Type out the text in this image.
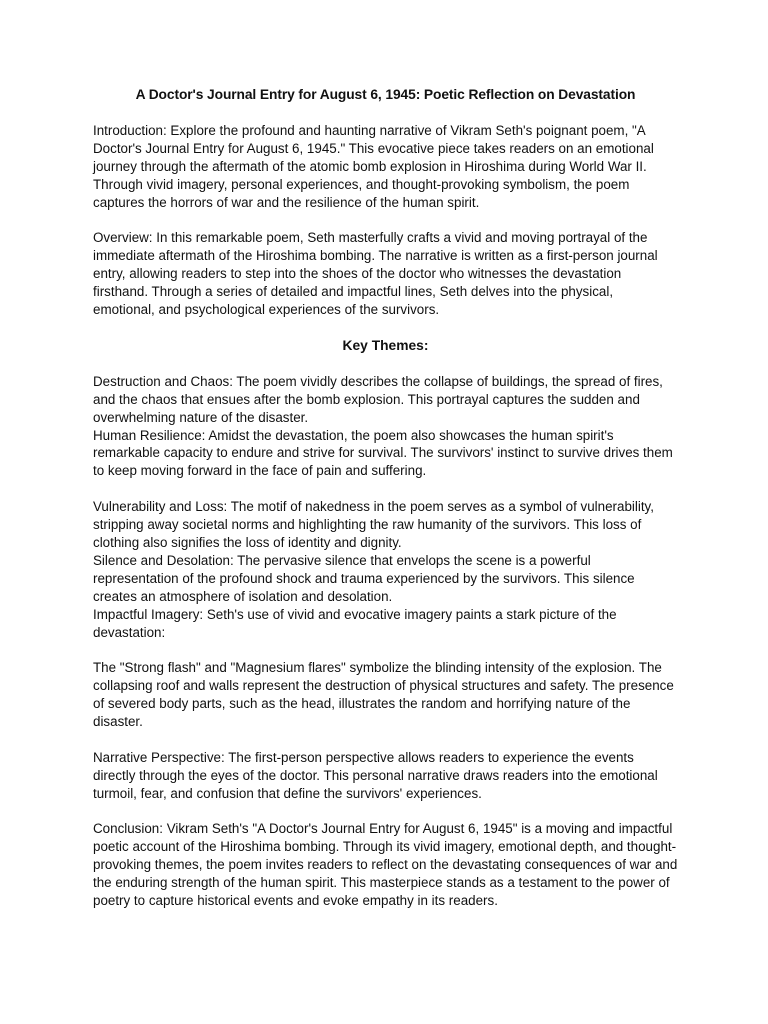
A Doctor's Journal Entry for August 6, 1945: Poetic Reflection on Devastation

Introduction: Explore the profound and haunting narrative of Vikram Seth's poignant poem, "A Doctor's Journal Entry for August 6, 1945." This evocative piece takes readers on an emotional journey through the aftermath of the atomic bomb explosion in Hiroshima during World War II. Through vivid imagery, personal experiences, and thought-provoking symbolism, the poem captures the horrors of war and the resilience of the human spirit.

Overview: In this remarkable poem, Seth masterfully crafts a vivid and moving portrayal of the immediate aftermath of the Hiroshima bombing. The narrative is written as a first-person journal entry, allowing readers to step into the shoes of the doctor who witnesses the devastation firsthand. Through a series of detailed and impactful lines, Seth delves into the physical, emotional, and psychological experiences of the survivors.

Key Themes:

Destruction and Chaos: The poem vividly describes the collapse of buildings, the spread of fires, and the chaos that ensues after the bomb explosion. This portrayal captures the sudden and overwhelming nature of the disaster.

Human Resilience: Amidst the devastation, the poem also showcases the human spirit's remarkable capacity to endure and strive for survival. The survivors' instinct to survive drives them to keep moving forward in the face of pain and suffering.

Vulnerability and Loss: The motif of nakedness in the poem serves as a symbol of vulnerability, stripping away societal norms and highlighting the raw humanity of the survivors. This loss of clothing also signifies the loss of identity and dignity.

Silence and Desolation: The pervasive silence that envelops the scene is a powerful representation of the profound shock and trauma experienced by the survivors. This silence creates an atmosphere of isolation and desolation.

Impactful Imagery: Seth's use of vivid and evocative imagery paints a stark picture of the devastation:

The "Strong flash" and "Magnesium flares" symbolize the blinding intensity of the explosion. The collapsing roof and walls represent the destruction of physical structures and safety. The presence of severed body parts, such as the head, illustrates the random and horrifying nature of the disaster.

Narrative Perspective: The first-person perspective allows readers to experience the events directly through the eyes of the doctor. This personal narrative draws readers into the emotional turmoil, fear, and confusion that define the survivors' experiences.

Conclusion: Vikram Seth's "A Doctor's Journal Entry for August 6, 1945" is a moving and impactful poetic account of the Hiroshima bombing. Through its vivid imagery, emotional depth, and thought-provoking themes, the poem invites readers to reflect on the devastating consequences of war and the enduring strength of the human spirit. This masterpiece stands as a testament to the power of poetry to capture historical events and evoke empathy in its readers.
